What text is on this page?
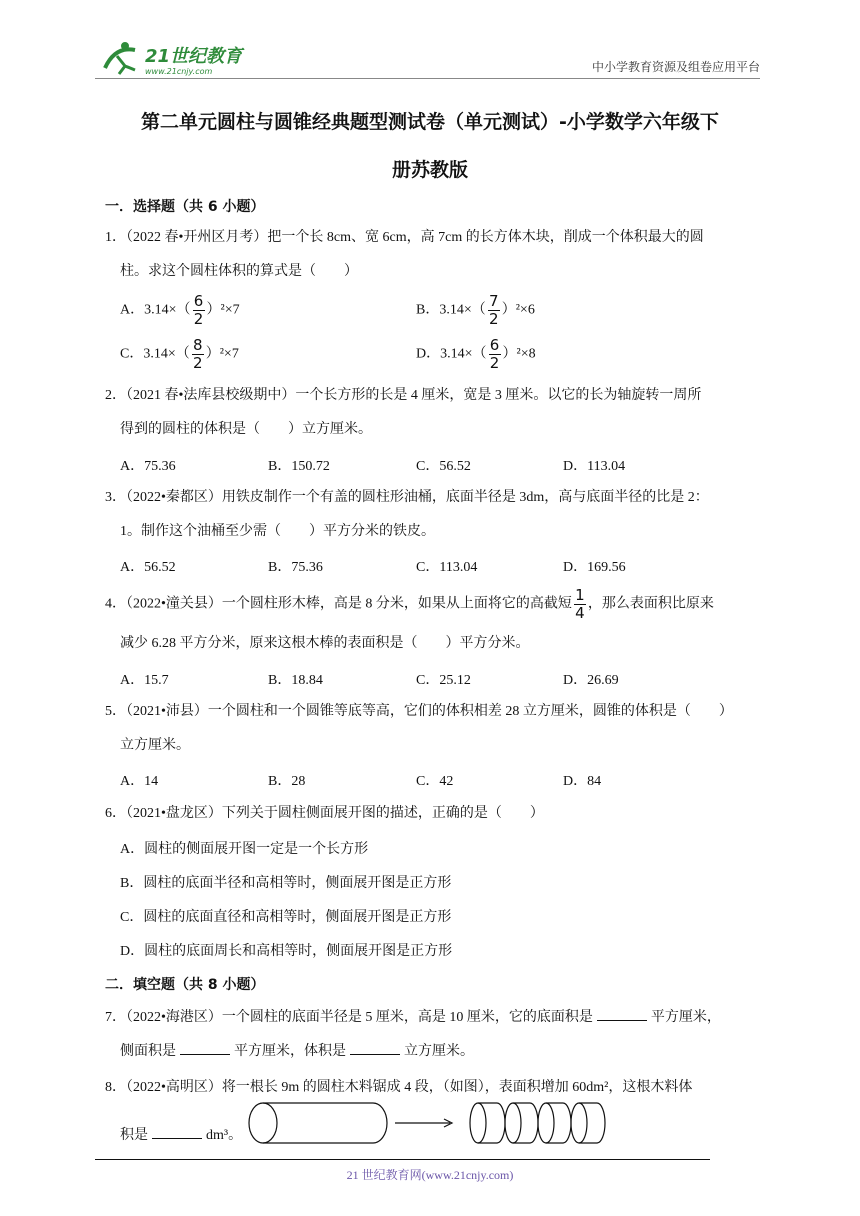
21世纪教育
www.21cnjy.com	中小学教育资源及组卷应用平台
第二单元圆柱与圆锥经典题型测试卷（单元测试）-小学数学六年级下
册苏教版
一．选择题（共 6 小题）
1．（2022 春•开州区月考）把一个长 8cm、宽 6cm，高 7cm 的长方体木块，削成一个体积最大的圆
柱。求这个圆柱体积的算式是（　　）
A．$3.14\times( \frac{6}{2} )^2\times 7$	B．$3.14\times( \frac{7}{2} )^2\times 6$
C．$3.14\times( \frac{8}{2} )^2\times 7$	D．$3.14\times( \frac{6}{2} )^2\times 8$
2．（2021 春•法库县校级期中）一个长方形的长是 4 厘米，宽是 3 厘米。以它的长为轴旋转一周所
得到的圆柱的体积是（　　）立方厘米。
A．75.36	B．150.72	C．56.52	D．113.04
3．（2022•秦都区）用铁皮制作一个有盖的圆柱形油桶，底面半径是 3dm，高与底面半径的比是 2：
1。制作这个油桶至少需（　　）平方分米的铁皮。
A．56.52	B．75.36	C．113.04	D．169.56
4．（2022•潼关县）一个圆柱形木棒，高是 8 分米，如果从上面将它的高截短 $\frac{1}{4}$ ，那么表面积比原来
减少 6.28 平方分米，原来这根木棒的表面积是（　　）平方分米。
A．15.7	B．18.84	C．25.12	D．26.69
5．（2021•沛县）一个圆柱和一个圆锥等底等高，它们的体积相差 28 立方厘米，圆锥的体积是（　　）
立方厘米。
A．14	B．28	C．42	D．84
6．（2021•盘龙区）下列关于圆柱侧面展开图的描述，正确的是（　　）
A．圆柱的侧面展开图一定是一个长方形
B．圆柱的底面半径和高相等时，侧面展开图是正方形
C．圆柱的底面直径和高相等时，侧面展开图是正方形
D．圆柱的底面周长和高相等时，侧面展开图是正方形
二．填空题（共 8 小题）
7．（2022•海港区）一个圆柱的底面半径是 5 厘米，高是 10 厘米，它的底面积是	平方厘米，
侧面积是	平方厘米，体积是	立方厘米。
8．（2022•高明区）将一根长 9m 的圆柱木料锯成 4 段，（如图），表面积增加 60dm²，这根木料体
积是	dm³。
21 世纪教育网(www.21cnjy.com)
